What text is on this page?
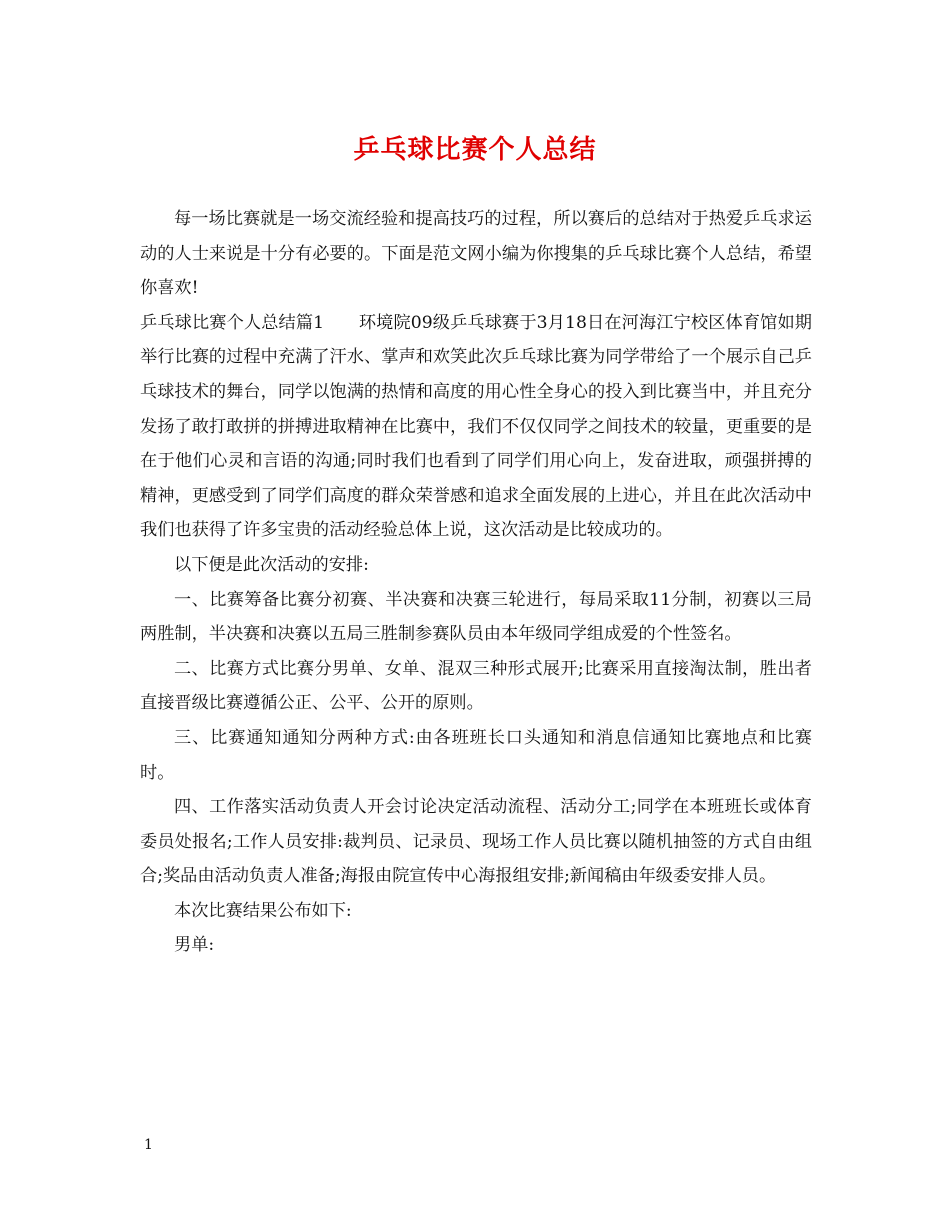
乒乓球比赛个人总结

每一场比赛就是一场交流经验和提高技巧的过程，所以赛后的总结对于热爱乒乓求运动的人士来说是十分有必要的。下面是范文网小编为你搜集的乒乓球比赛个人总结，希望你喜欢!

乒乓球比赛个人总结篇1　　环境院09级乒乓球赛于3月18日在河海江宁校区体育馆如期举行比赛的过程中充满了汗水、掌声和欢笑此次乒乓球比赛为同学带给了一个展示自己乒乓球技术的舞台，同学以饱满的热情和高度的用心性全身心的投入到比赛当中，并且充分发扬了敢打敢拼的拼搏进取精神在比赛中，我们不仅仅同学之间技术的较量，更重要的是在于他们心灵和言语的沟通;同时我们也看到了同学们用心向上，发奋进取，顽强拼搏的精神，更感受到了同学们高度的群众荣誉感和追求全面发展的上进心，并且在此次活动中我们也获得了许多宝贵的活动经验总体上说，这次活动是比较成功的。

以下便是此次活动的安排:

一、比赛筹备比赛分初赛、半决赛和决赛三轮进行，每局采取11分制，初赛以三局两胜制，半决赛和决赛以五局三胜制参赛队员由本年级同学组成爱的个性签名。

二、比赛方式比赛分男单、女单、混双三种形式展开;比赛采用直接淘汰制，胜出者直接晋级比赛遵循公正、公平、公开的原则。

三、比赛通知通知分两种方式:由各班班长口头通知和消息信通知比赛地点和比赛时。

四、工作落实活动负责人开会讨论决定活动流程、活动分工;同学在本班班长或体育委员处报名;工作人员安排:裁判员、记录员、现场工作人员比赛以随机抽签的方式自由组合;奖品由活动负责人准备;海报由院宣传中心海报组安排;新闻稿由年级委安排人员。

本次比赛结果公布如下:

男单:

1
